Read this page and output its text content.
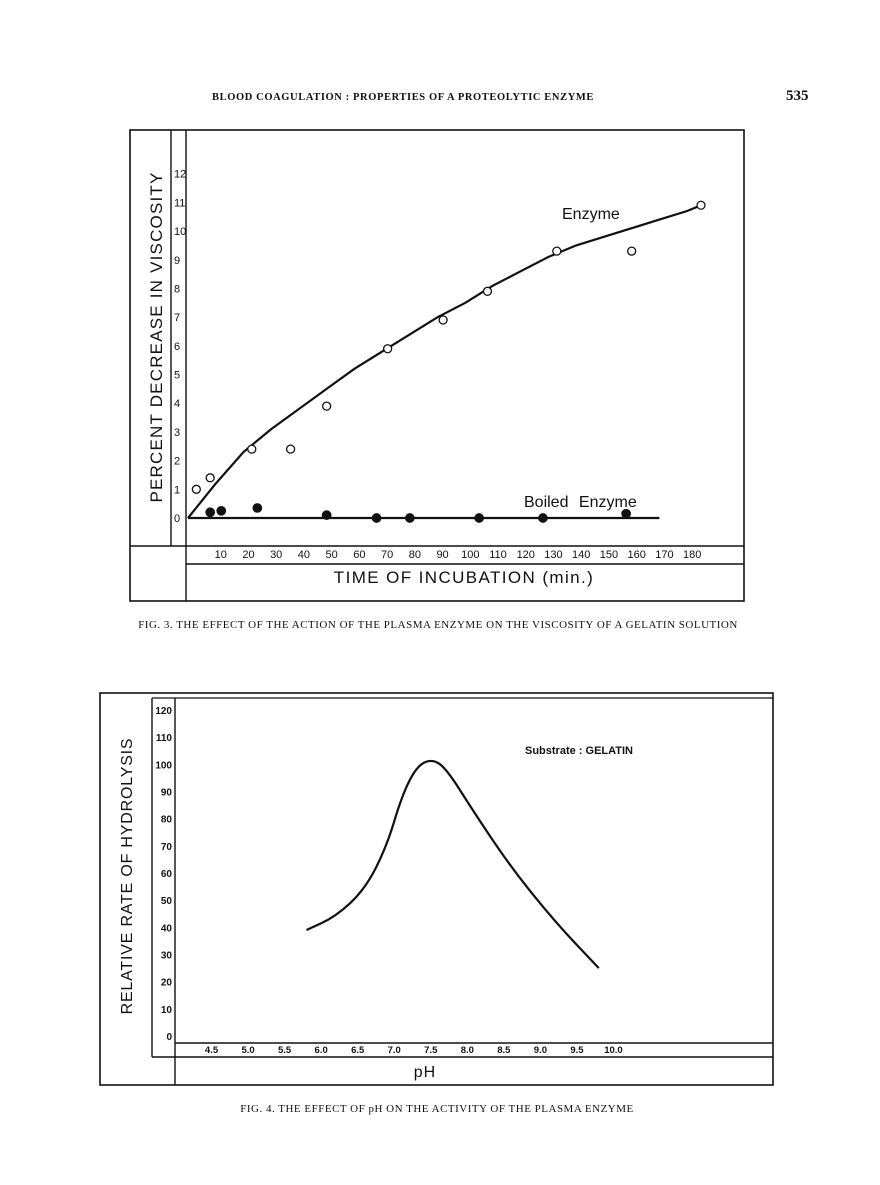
BLOOD COAGULATION : PROPERTIES OF A PROTEOLYTIC ENZYME	535
0
1
2
3
4
5
6
7
8
9
10
11
12
10 20 30 40 50 60 70 80 90 100 110 120 130 140 150 160 170 180
PERCENT DECREASE IN VISCOSITY
TIME OF INCUBATION (min.)
Enzyme
Boiled Enzyme
FIG. 3. THE EFFECT OF THE ACTION OF THE PLASMA ENZYME ON THE VISCOSITY OF A GELATIN SOLUTION
0
10
20
30
40
50
60
70
80
90
100
110
120
4.5 5.0 5.5 6.0 6.5 7.0 7.5 8.0 8.5 9.0 9.5 10.0
RELATIVE RATE OF HYDROLYSIS
pH
Substrate : GELATIN
FIG. 4. THE EFFECT OF pH ON THE ACTIVITY OF THE PLASMA ENZYME
